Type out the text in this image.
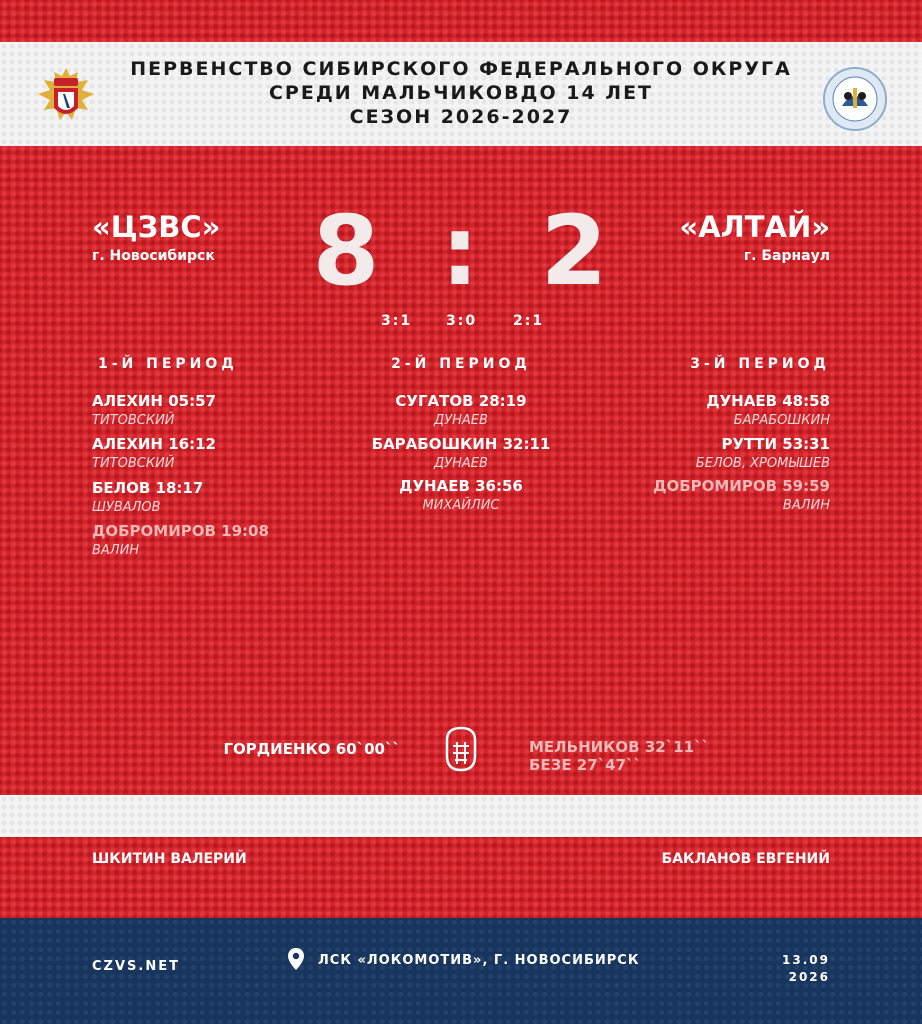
ПЕРВЕНСТВО СИБИРСКОГО ФЕДЕРАЛЬНОГО ОКРУГА
СРЕДИ МАЛЬЧИКОВДО 14 ЛЕТ
СЕЗОН 2026-2027
«ЦЗВС»
г. Новосибирск
«АЛТАЙ»
г. Барнаул
8 : 2
3:1 3:0	2:1
1-Й ПЕРИОД	2-Й ПЕРИОД	3-Й ПЕРИОД
АЛЕХИН 05:57
ТИТОВСКИЙ
АЛЕХИН 16:12
ТИТОВСКИЙ
БЕЛОВ 18:17
ШУВАЛОВ
ДОБРОМИРОВ 19:08
ВАЛИН
СУГАТОВ 28:19
ДУНАЕВ
БАРАБОШКИН 32:11
ДУНАЕВ
ДУНАЕВ 36:56
МИХАЙЛИС
ДУНАЕВ 48:58
БАРАБОШКИН
РУТТИ 53:31
БЕЛОВ, ХРОМЫШЕВ
ДОБРОМИРОВ 59:59
ВАЛИН
ГОРДИЕНКО 60`00``	МЕЛЬНИКОВ 32`11``
БЕЗЕ 27`47``
ШКИТИН ВАЛЕРИЙ	БАКЛАНОВ ЕВГЕНИЙ
CZVS.NET	ЛСК «ЛОКОМОТИВ», Г. НОВОСИБИРСК	13.09
2026
